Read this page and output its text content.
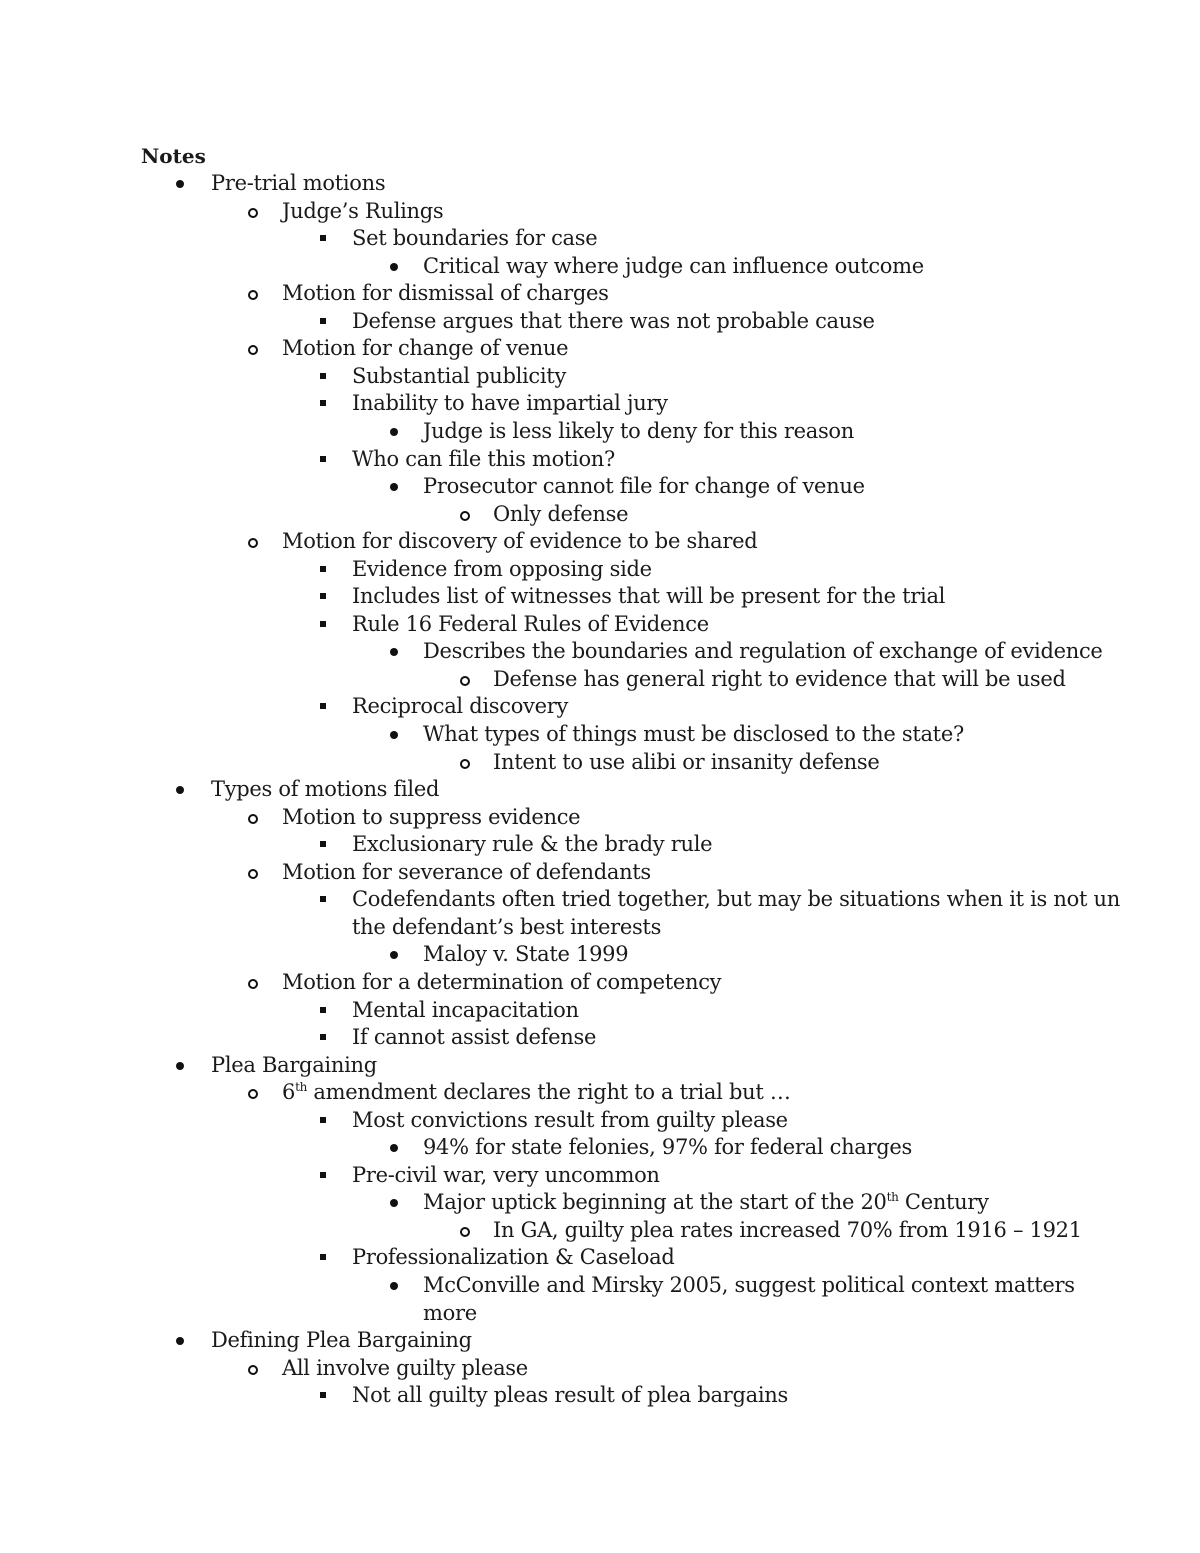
Notes
Pre-trial motions
Judge’s Rulings
Set boundaries for case
Critical way where judge can influence outcome
Motion for dismissal of charges
Defense argues that there was not probable cause
Motion for change of venue
Substantial publicity
Inability to have impartial jury
Judge is less likely to deny for this reason
Who can file this motion?
Prosecutor cannot file for change of venue
Only defense
Motion for discovery of evidence to be shared
Evidence from opposing side
Includes list of witnesses that will be present for the trial
Rule 16 Federal Rules of Evidence
Describes the boundaries and regulation of exchange of evidence
Defense has general right to evidence that will be used
Reciprocal discovery
What types of things must be disclosed to the state?
Intent to use alibi or insanity defense
Types of motions filed
Motion to suppress evidence
Exclusionary rule & the brady rule
Motion for severance of defendants
Codefendants often tried together, but may be situations when it is not un
the defendant’s best interests
Maloy v. State 1999
Motion for a determination of competency
Mental incapacitation
If cannot assist defense
Plea Bargaining
6th amendment declares the right to a trial but …
Most convictions result from guilty please
94% for state felonies, 97% for federal charges
Pre-civil war, very uncommon
Major uptick beginning at the start of the 20th Century
In GA, guilty plea rates increased 70% from 1916 – 1921
Professionalization & Caseload
McConville and Mirsky 2005, suggest political context matters
more
Defining Plea Bargaining
All involve guilty please
Not all guilty pleas result of plea bargains
